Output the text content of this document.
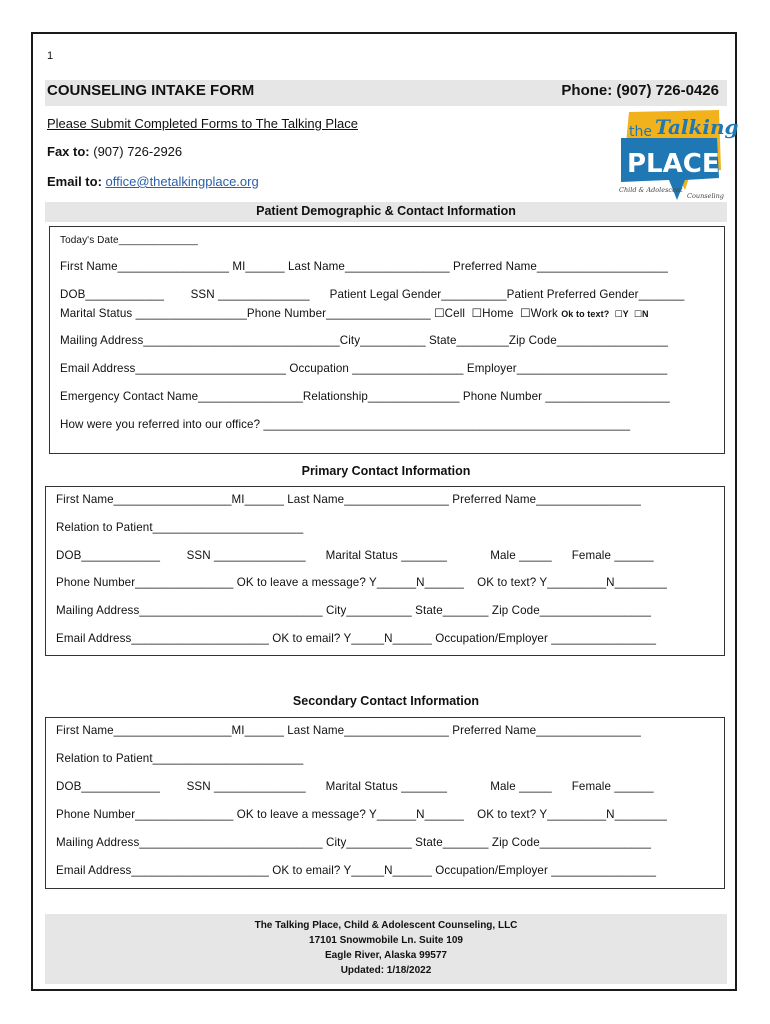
1
COUNSELING INTAKE FORM	Phone: (907) 726-0426
Please Submit Completed Forms to The Talking Place
Fax to: (907) 726-2926
Email to: office@thetalkingplace.org
the Talking
PLACE
Child & Adolescent
Counseling
Patient Demographic & Contact Information
Today's Date______________
First Name_________________ MI______ Last Name________________ Preferred Name____________________
DOB____________        SSN ______________      Patient Legal Gender__________Patient Preferred Gender_______
Marital Status _________________Phone Number________________ ☐Cell  ☐Home  ☐Work Ok to text?  ☐Y  ☐N
Mailing Address______________________________City__________ State________Zip Code_________________
Email Address_______________________ Occupation _________________ Employer_______________________
Emergency Contact Name________________Relationship______________ Phone Number ___________________
How were you referred into our office? ________________________________________________________
Primary Contact Information
First Name__________________MI______ Last Name________________ Preferred Name________________
Relation to Patient_______________________
DOB____________        SSN ______________      Marital Status _______             Male _____      Female ______
Phone Number_______________ OK to leave a message? Y______N______    OK to text? Y_________N________
Mailing Address____________________________ City__________ State_______ Zip Code_________________
Email Address_____________________ OK to email? Y_____N______ Occupation/Employer ________________
Secondary Contact Information
First Name__________________MI______ Last Name________________ Preferred Name________________
Relation to Patient_______________________
DOB____________        SSN ______________      Marital Status _______             Male _____      Female ______
Phone Number_______________ OK to leave a message? Y______N______    OK to text? Y_________N________
Mailing Address____________________________ City__________ State_______ Zip Code_________________
Email Address_____________________ OK to email? Y_____N______ Occupation/Employer ________________
The Talking Place, Child & Adolescent Counseling, LLC
17101 Snowmobile Ln. Suite 109
Eagle River, Alaska 99577
Updated: 1/18/2022
